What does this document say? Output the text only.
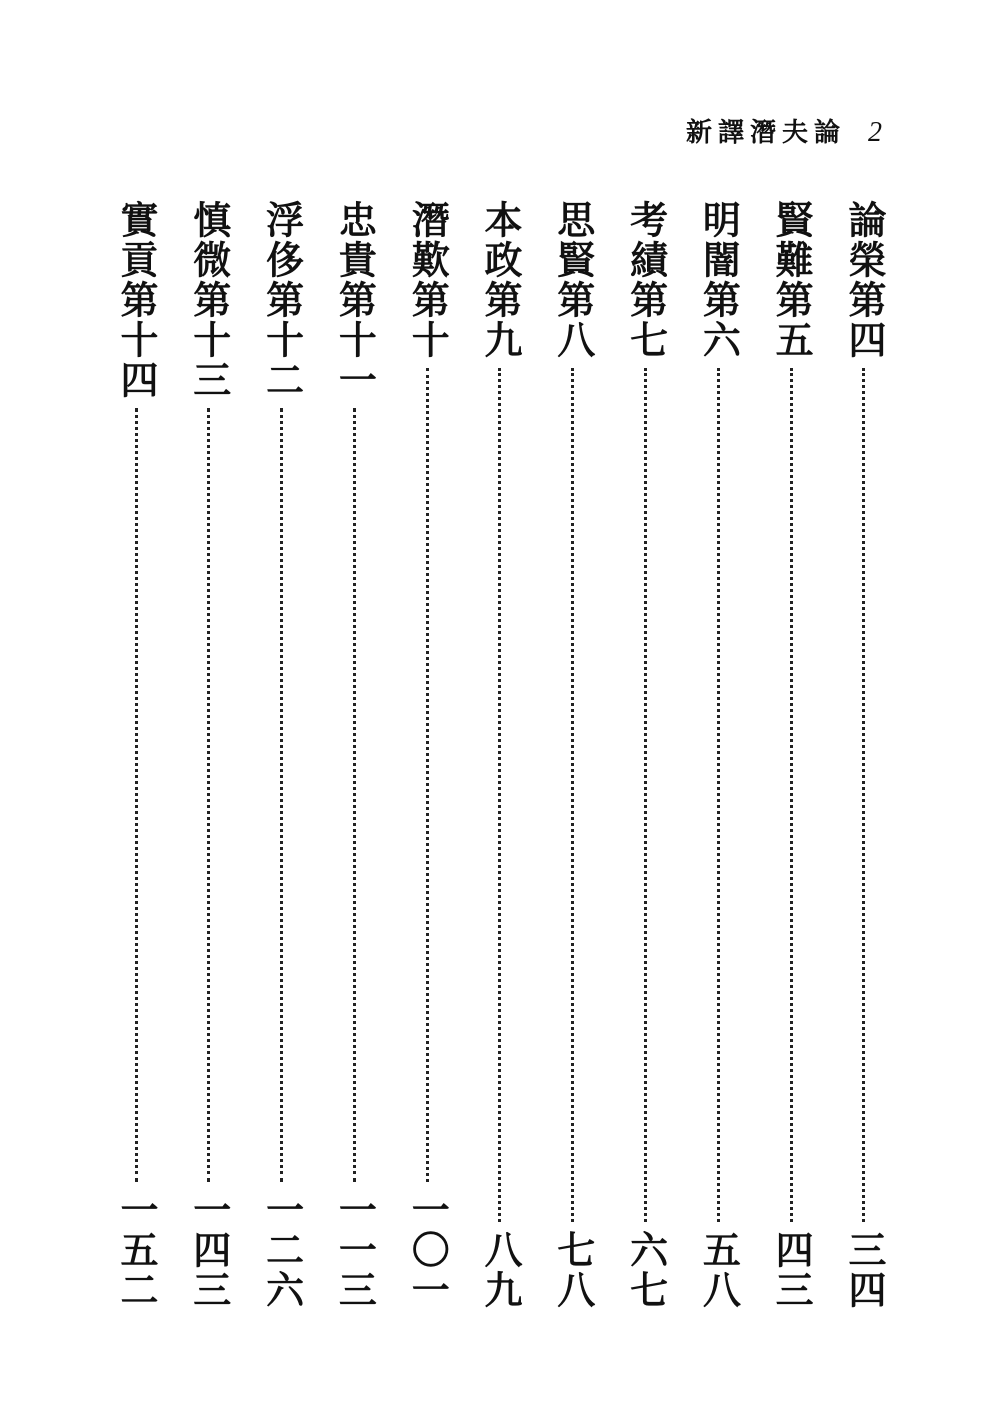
新譯潛夫論 2
論榮第四
三四
賢難第五
四三
明闇第六
五八
考績第七
六七
思賢第八
七八
本政第九
八九
潛歎第十
一〇一
忠貴第十一
一一三
浮侈第十二
一二六
慎微第十三
一四三
實貢第十四
一五二
